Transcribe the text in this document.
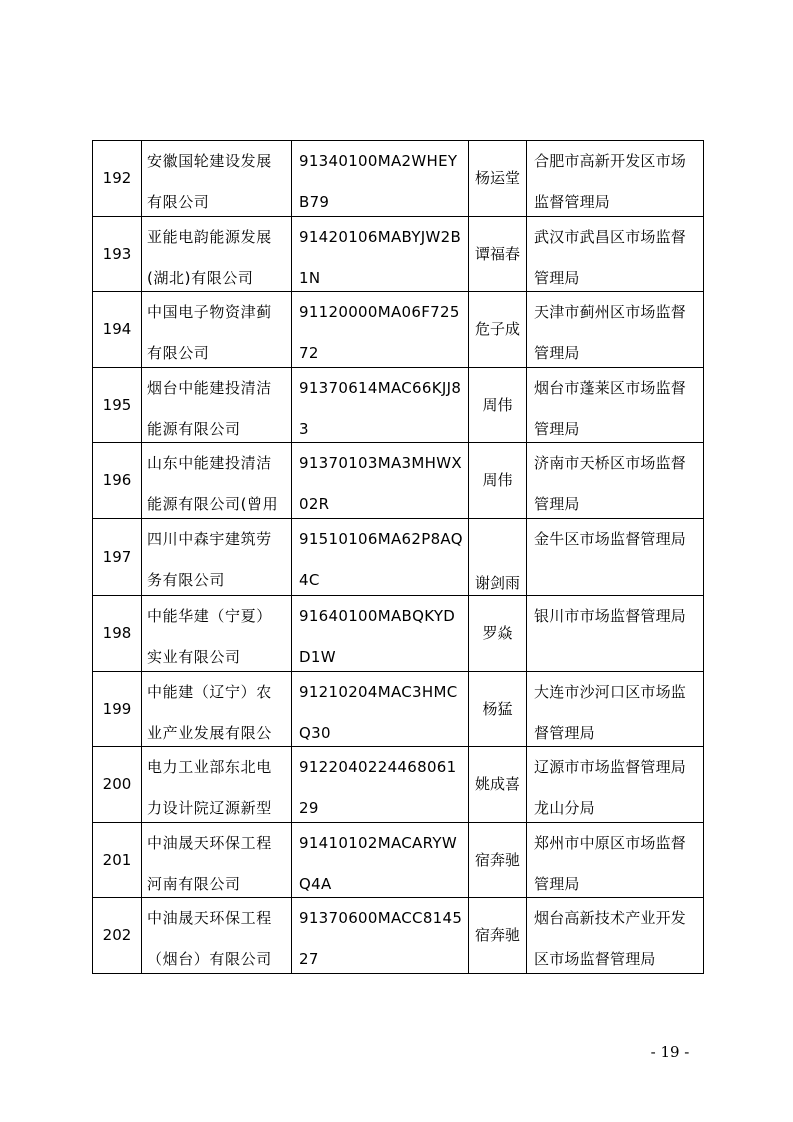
192	安徽国轮建设发展有限公司	91340100MA2WHEYB79	杨运堂	合肥市高新开发区市场监督管理局

193	亚能电韵能源发展(湖北)有限公司	91420106MABYJW2B1N	谭福春	武汉市武昌区市场监督管理局

194	中国电子物资津蓟有限公司	91120000MA06F72572	危子成	天津市蓟州区市场监督管理局

195	烟台中能建投清洁能源有限公司	91370614MAC66KJJ83	周伟	烟台市蓬莱区市场监督管理局

196	山东中能建投清洁能源有限公司(曾用	91370103MA3MHWX02R	周伟	济南市天桥区市场监督管理局

197	四川中森宇建筑劳务有限公司	91510106MA62P8AQ4C	谢剑雨	金牛区市场监督管理局

198	中能华建（宁夏）实业有限公司	91640100MABQKYDD1W	罗焱	银川市市场监督管理局

199	中能建（辽宁）农业产业发展有限公	91210204MAC3HMCQ30	杨猛	大连市沙河口区市场监督管理局

200	电力工业部东北电力设计院辽源新型	912204022446806129	姚成喜	辽源市市场监督管理局龙山分局

201	中油晟天环保工程河南有限公司	91410102MACARYWQ4A	宿奔驰	郑州市中原区市场监督管理局

202	中油晟天环保工程（烟台）有限公司	91370600MACC814527	宿奔驰	烟台高新技术产业开发区市场监督管理局
- 19 -
